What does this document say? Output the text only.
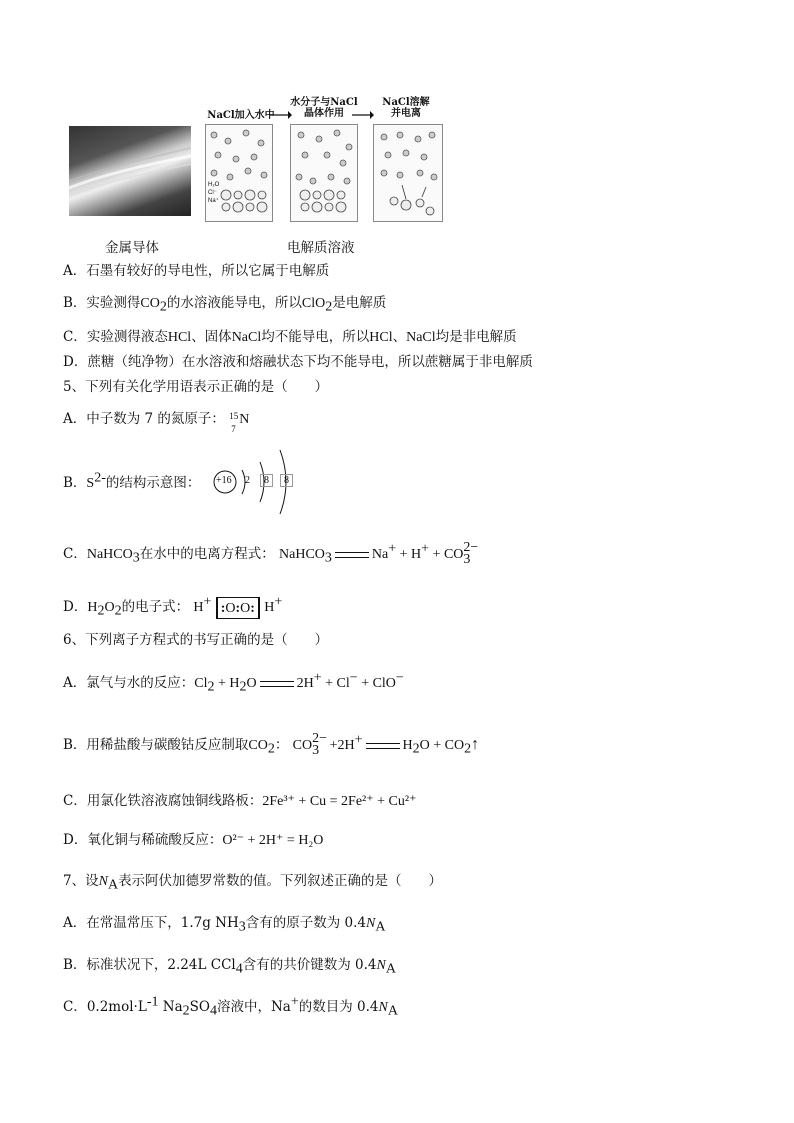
NaCl加入水中
水分子与NaCl 晶体作用
NaCl溶解 并电离
H₂O
Cl⁻
Na⁺
金属导体	电解质溶液
A．石墨有较好的导电性，所以它属于电解质
B．实验测得$CO_2$的水溶液能导电，所以ClO$_2$是电解质
C．实验测得液态HCl、固体NaCl均不能导电，所以HCl、NaCl均是非电解质
D．蔗糖（纯净物）在水溶液和熔融状态下均不能导电，所以蔗糖属于非电解质
5、下列有关化学用语表示正确的是（　　）
A．中子数为 7 的氮原子： 15
7
N
B．$S^{2-}$的结构示意图： +16 2	8	8
C．NaHCO$_3$在水中的电离方程式： NaHCO$_3$	Na+ + H+ + CO 2−
3
D．$H_2O_2$的电子式： H+ :O:O: H+
6、下列离子方程式的书写正确的是（　　）
A．氯气与水的反应：$Cl_2 + H_2O$	2H+ + Cl− + ClO−
B．用稀盐酸与碳酸钴反应制取$CO_2$： CO 2−
3 +2H+	$H_2O$ + $CO_2↑$
C．用氯化铁溶液腐蚀铜线路板：2Fe³⁺ + Cu = 2Fe²⁺ + Cu²⁺
D．氧化铜与稀硫酸反应：O²⁻ + 2H⁺ = H₂O
7、设$N_A$表示阿伏加德罗常数的值。下列叙述正确的是（　　）
A．在常温常压下，1.7g $NH_3$含有的原子数为 $0.4N_A$
B．标准状况下，2.24L CCl$_4$含有的共价键数为 $0.4N_A$
C．$0.2mol\cdot L^{-1}$ $Na_2SO_4$溶液中，Na+的数目为 $0.4N_A$
